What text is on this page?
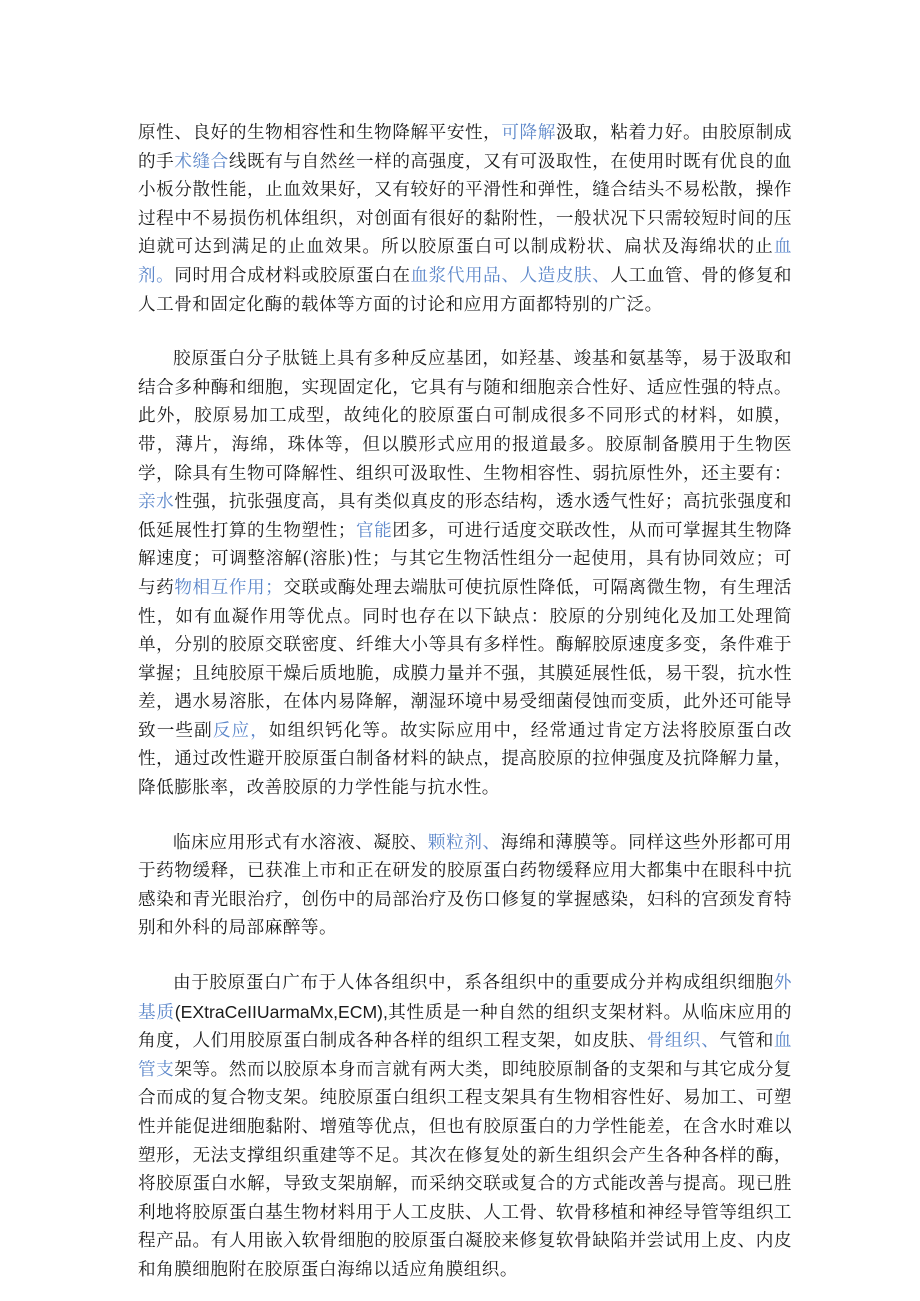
原性、良好的生物相容性和生物降解平安性，可降解汲取，粘着力好。由胶原制成的手术缝合线既有与自然丝一样的高强度，又有可汲取性，在使用时既有优良的血小板分散性能，止血效果好，又有较好的平滑性和弹性，缝合结头不易松散，操作过程中不易损伤机体组织，对创面有很好的黏附性，一般状况下只需较短时间的压迫就可达到满足的止血效果。所以胶原蛋白可以制成粉状、扁状及海绵状的止血剂。同时用合成材料或胶原蛋白在血浆代用品、人造皮肤、人工血管、骨的修复和人工骨和固定化酶的载体等方面的讨论和应用方面都特别的广泛。

胶原蛋白分子肽链上具有多种反应基团，如羟基、竣基和氨基等，易于汲取和结合多种酶和细胞，实现固定化，它具有与随和细胞亲合性好、适应性强的特点。此外，胶原易加工成型，故纯化的胶原蛋白可制成很多不同形式的材料，如膜，带，薄片，海绵，珠体等，但以膜形式应用的报道最多。胶原制备膜用于生物医学，除具有生物可降解性、组织可汲取性、生物相容性、弱抗原性外，还主要有：亲水性强，抗张强度高，具有类似真皮的形态结构，透水透气性好；高抗张强度和低延展性打算的生物塑性；官能团多，可进行适度交联改性，从而可掌握其生物降解速度；可调整溶解(溶胀)性；与其它生物活性组分一起使用，具有协同效应；可与药物相互作用；交联或酶处理去端肽可使抗原性降低，可隔离微生物，有生理活性，如有血凝作用等优点。同时也存在以下缺点：胶原的分别纯化及加工处理简单，分别的胶原交联密度、纤维大小等具有多样性。酶解胶原速度多变，条件难于掌握；且纯胶原干燥后质地脆，成膜力量并不强，其膜延展性低，易干裂，抗水性差，遇水易溶胀，在体内易降解，潮湿环境中易受细菌侵蚀而变质，此外还可能导致一些副反应，如组织钙化等。故实际应用中，经常通过肯定方法将胶原蛋白改性，通过改性避开胶原蛋白制备材料的缺点，提高胶原的拉伸强度及抗降解力量，降低膨胀率，改善胶原的力学性能与抗水性。

临床应用形式有水溶液、凝胶、颗粒剂、海绵和薄膜等。同样这些外形都可用于药物缓释，已获准上市和正在研发的胶原蛋白药物缓释应用大都集中在眼科中抗感染和青光眼治疗，创伤中的局部治疗及伤口修复的掌握感染，妇科的宫颈发育特别和外科的局部麻醉等。

由于胶原蛋白广布于人体各组织中，系各组织中的重要成分并构成组织细胞外基质(EXtraCeIIUarmaMx,ECM),其性质是一种自然的组织支架材料。从临床应用的角度，人们用胶原蛋白制成各种各样的组织工程支架，如皮肤、骨组织、气管和血管支架等。然而以胶原本身而言就有两大类，即纯胶原制备的支架和与其它成分复合而成的复合物支架。纯胶原蛋白组织工程支架具有生物相容性好、易加工、可塑性并能促进细胞黏附、增殖等优点，但也有胶原蛋白的力学性能差，在含水时难以塑形，无法支撑组织重建等不足。其次在修复处的新生组织会产生各种各样的酶，将胶原蛋白水解，导致支架崩解，而采纳交联或复合的方式能改善与提高。现已胜利地将胶原蛋白基生物材料用于人工皮肤、人工骨、软骨移植和神经导管等组织工程产品。有人用嵌入软骨细胞的胶原蛋白凝胶来修复软骨缺陷并尝试用上皮、内皮和角膜细胞附在胶原蛋白海绵以适应角膜组织。
